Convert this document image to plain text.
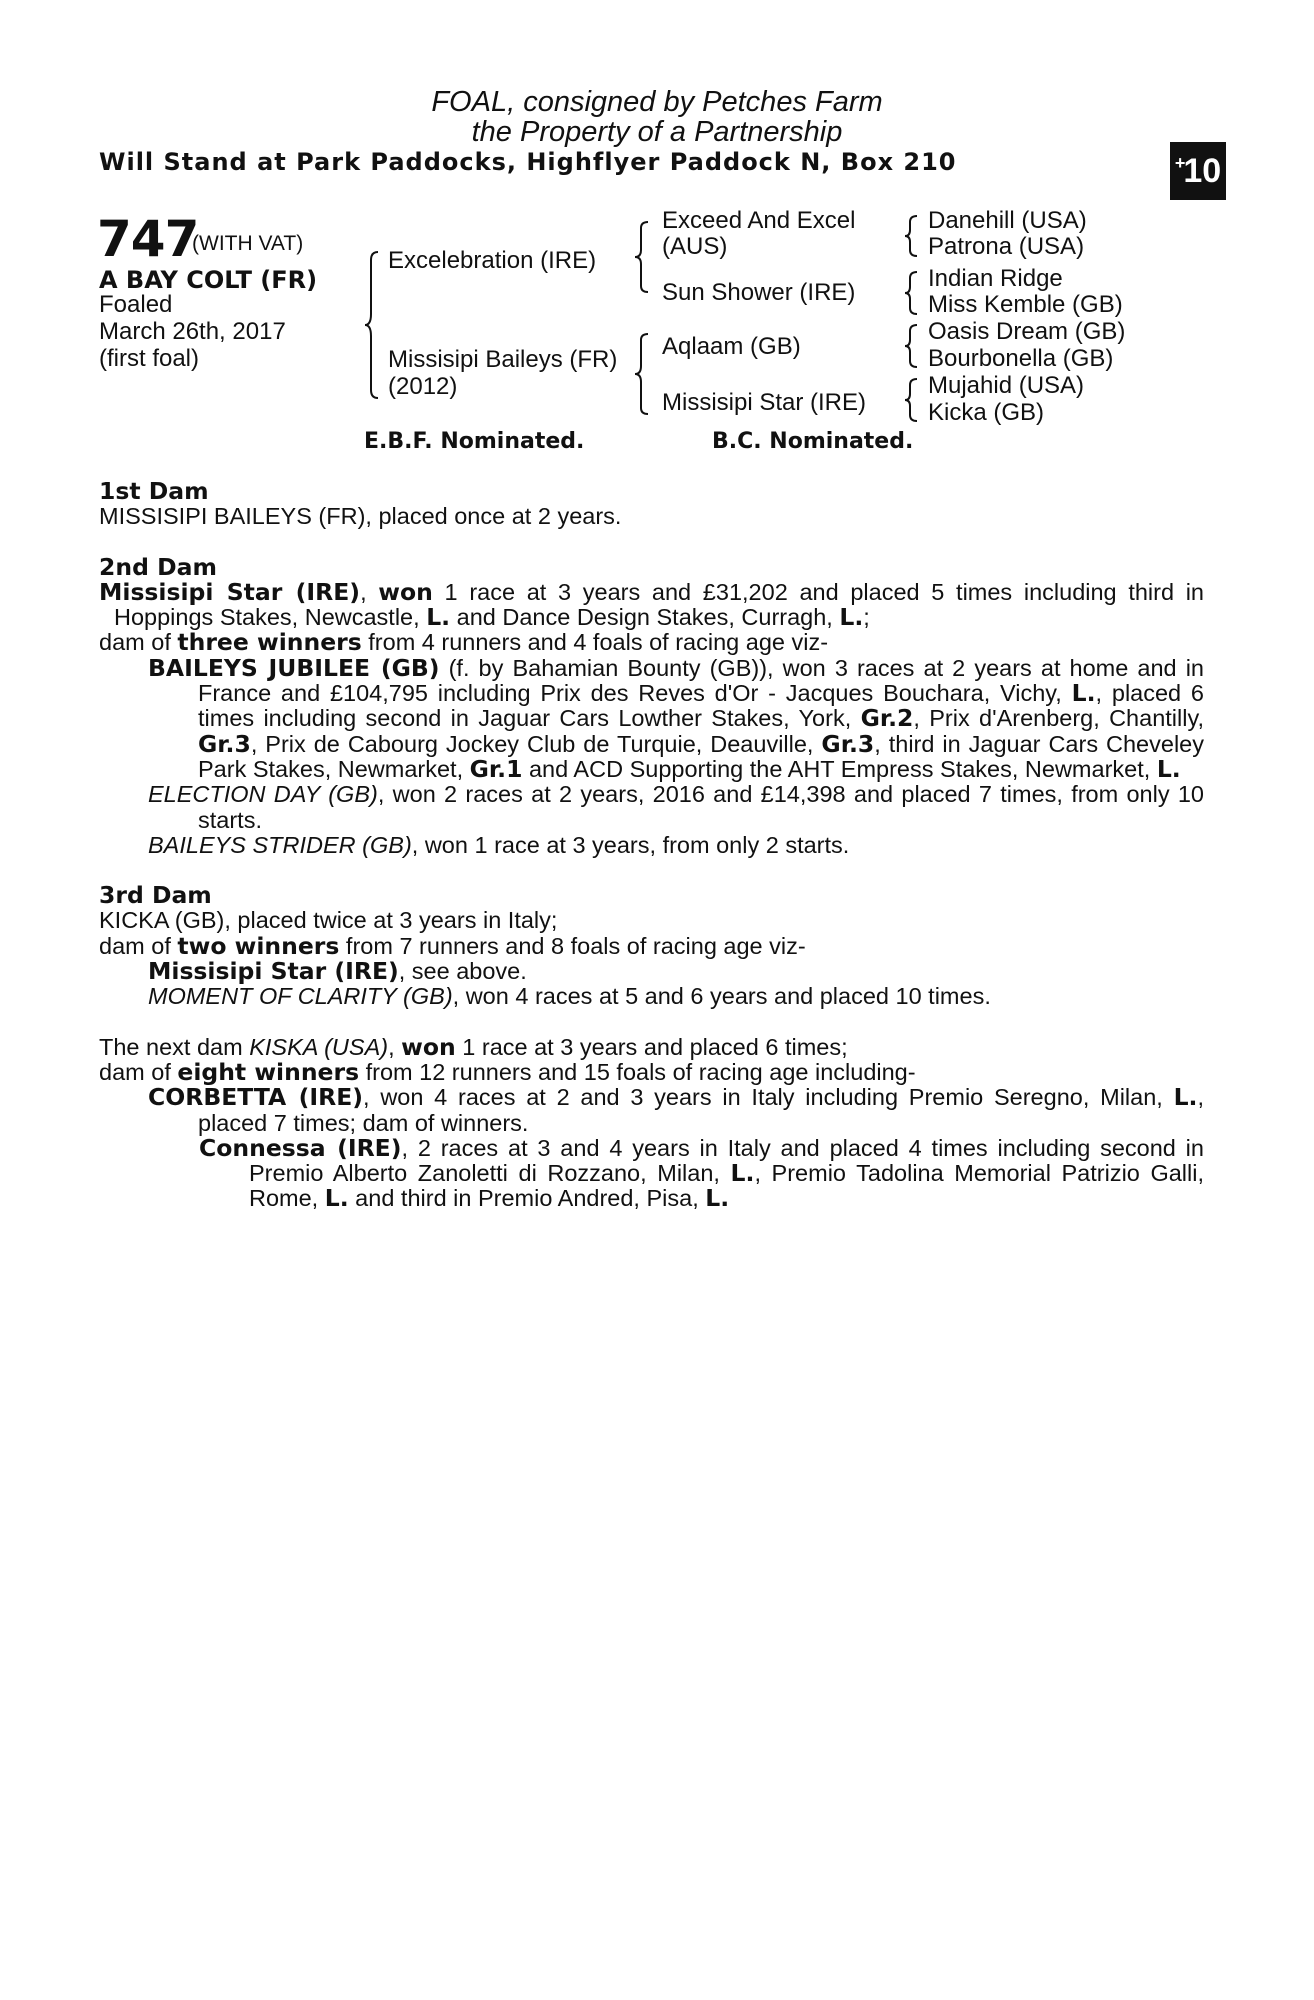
FOAL, consigned by Petches Farm
the Property of a Partnership
Will Stand at Park Paddocks, Highflyer Paddock N, Box 210	+
10
747
(WITH VAT)
A BAY COLT (FR)
Foaled
March 26th, 2017
(first foal)
Excelebration (IRE)
Missisipi Baileys (FR)
(2012)
Exceed And Excel
(AUS)
Sun Shower (IRE)
Aqlaam (GB)
Missisipi Star (IRE)
Danehill (USA)
Patrona (USA)
Indian Ridge
Miss Kemble (GB)
Oasis Dream (GB)
Bourbonella (GB)
Mujahid (USA)
Kicka (GB)
E.B.F. Nominated.	B.C. Nominated.

1st Dam

MISSISIPI BAILEYS (FR), placed once at 2 years.

2nd Dam

Missisipi Star (IRE), won 1 race at 3 years and £31,202 and placed 5 times including third in Hoppings Stakes, Newcastle, L. and Dance Design Stakes, Curragh, L.;

dam of three winners from 4 runners and 4 foals of racing age viz-

BAILEYS JUBILEE (GB) (f. by Bahamian Bounty (GB)), won 3 races at 2 years at home and in France and £104,795 including Prix des Reves d'Or - Jacques Bouchara, Vichy, L., placed 6 times including second in Jaguar Cars Lowther Stakes, York, Gr.2, Prix d'Arenberg, Chantilly, Gr.3, Prix de Cabourg Jockey Club de Turquie, Deauville, Gr.3, third in Jaguar Cars Cheveley Park Stakes, Newmarket, Gr.1 and ACD Supporting the AHT Empress Stakes, Newmarket, L.

ELECTION DAY (GB), won 2 races at 2 years, 2016 and £14,398 and placed 7 times, from only 10 starts.

BAILEYS STRIDER (GB), won 1 race at 3 years, from only 2 starts.

3rd Dam

KICKA (GB), placed twice at 3 years in Italy;

dam of two winners from 7 runners and 8 foals of racing age viz-

Missisipi Star (IRE), see above.

MOMENT OF CLARITY (GB), won 4 races at 5 and 6 years and placed 10 times.

The next dam KISKA (USA), won 1 race at 3 years and placed 6 times;

dam of eight winners from 12 runners and 15 foals of racing age including-

CORBETTA (IRE), won 4 races at 2 and 3 years in Italy including Premio Seregno, Milan, L., placed 7 times; dam of winners.

Connessa (IRE), 2 races at 3 and 4 years in Italy and placed 4 times including second in Premio Alberto Zanoletti di Rozzano, Milan, L., Premio Tadolina Memorial Patrizio Galli, Rome, L. and third in Premio Andred, Pisa, L.
